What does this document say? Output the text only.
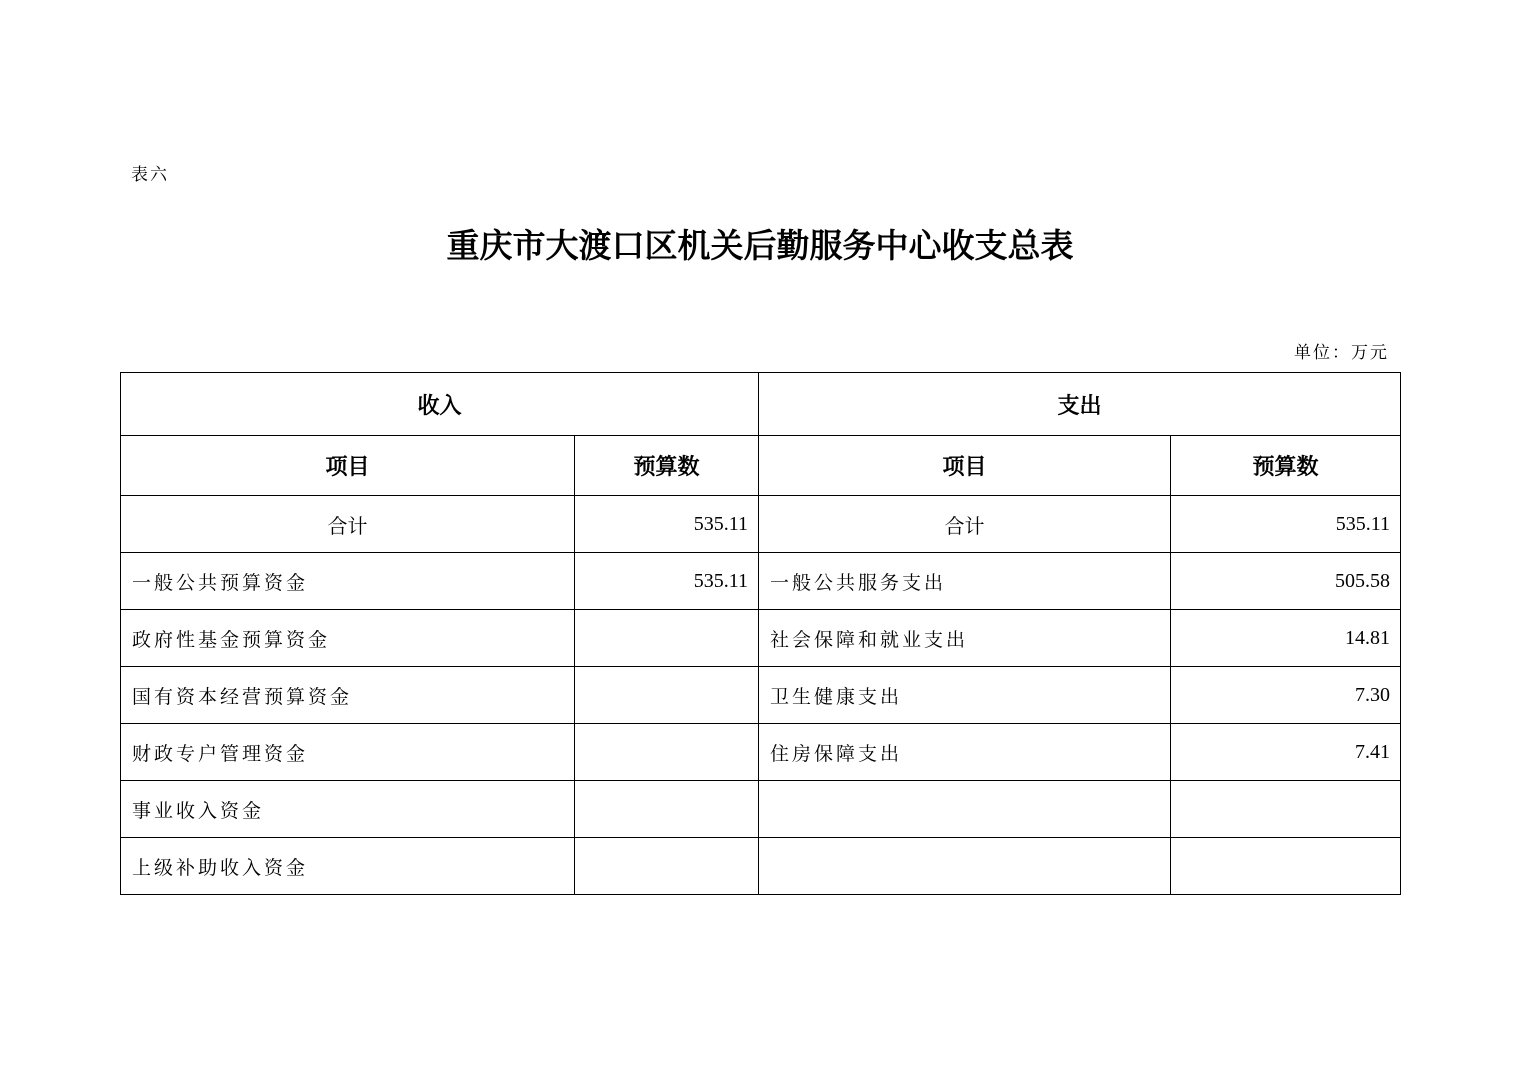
表六
重庆市大渡口区机关后勤服务中心收支总表
单位：万元
收入		支出	
项目	预算数	项目	预算数
合计	535.11	合计	535.11
一般公共预算资金	535.11	一般公共服务支出	505.58
政府性基金预算资金		社会保障和就业支出	14.81
国有资本经营预算资金		卫生健康支出	7.30
财政专户管理资金		住房保障支出	7.41
事业收入资金			
上级补助收入资金			
